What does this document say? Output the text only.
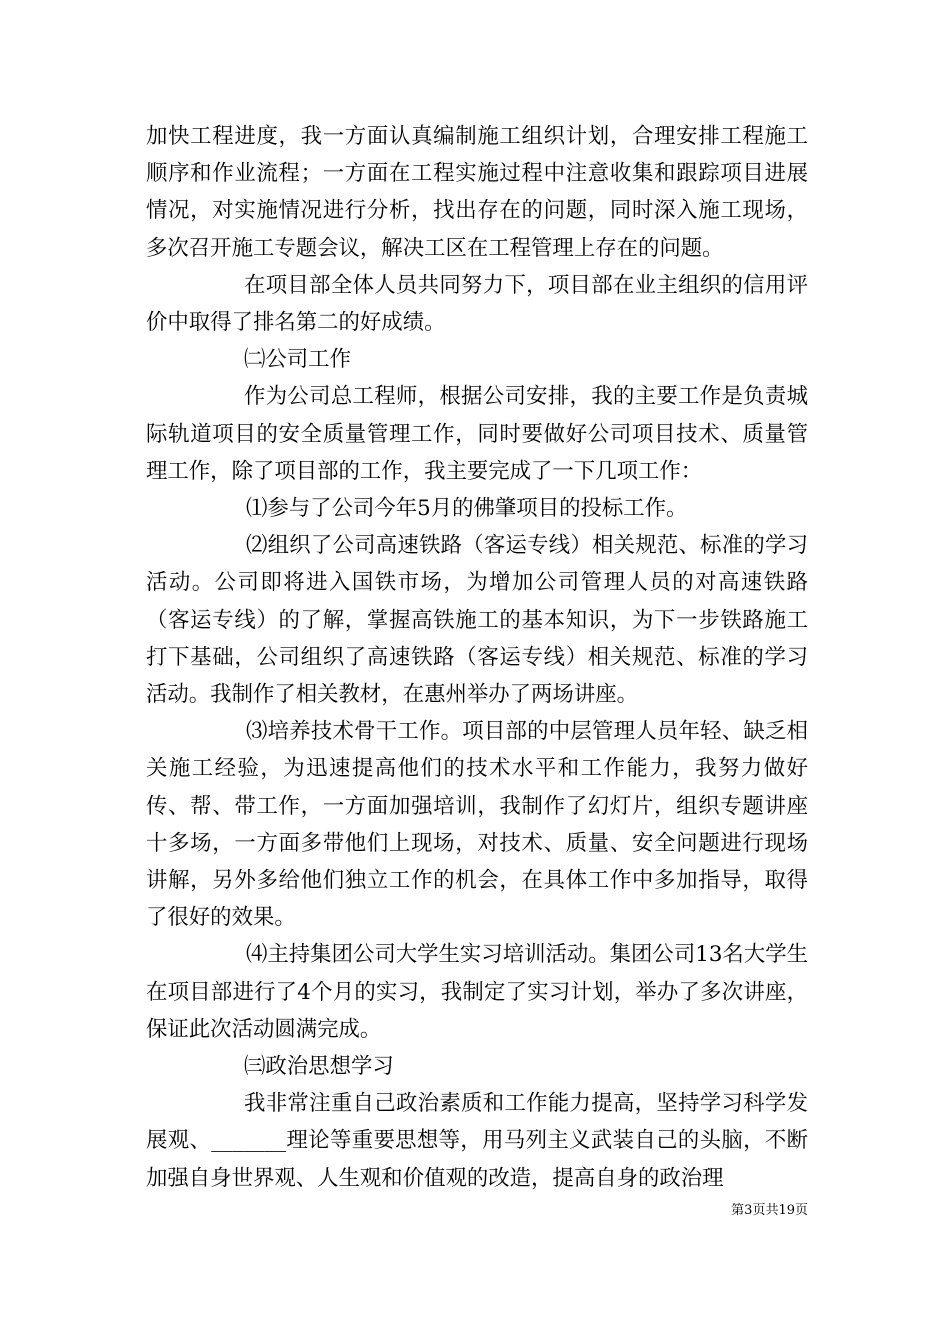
加快工程进度，我一方面认真编制施工组织计划，合理安排工程施工顺序和作业流程；一方面在工程实施过程中注意收集和跟踪项目进展情况，对实施情况进行分析，找出存在的问题，同时深入施工现场，多次召开施工专题会议，解决工区在工程管理上存在的问题。

在项目部全体人员共同努力下，项目部在业主组织的信用评价中取得了排名第二的好成绩。

㈡公司工作

作为公司总工程师，根据公司安排，我的主要工作是负责城际轨道项目的安全质量管理工作，同时要做好公司项目技术、质量管理工作，除了项目部的工作，我主要完成了一下几项工作：

⑴参与了公司今年5月的佛肇项目的投标工作。

⑵组织了公司高速铁路（客运专线）相关规范、标准的学习活动。公司即将进入国铁市场，为增加公司管理人员的对高速铁路（客运专线）的了解，掌握高铁施工的基本知识，为下一步铁路施工打下基础，公司组织了高速铁路（客运专线）相关规范、标准的学习活动。我制作了相关教材，在惠州举办了两场讲座。

⑶培养技术骨干工作。项目部的中层管理人员年轻、缺乏相关施工经验，为迅速提高他们的技术水平和工作能力，我努力做好传、帮、带工作，一方面加强培训，我制作了幻灯片，组织专题讲座十多场，一方面多带他们上现场，对技术、质量、安全问题进行现场讲解，另外多给他们独立工作的机会，在具体工作中多加指导，取得了很好的效果。

⑷主持集团公司大学生实习培训活动。集团公司13名大学生在项目部进行了4个月的实习，我制定了实习计划，举办了多次讲座，保证此次活动圆满完成。

㈢政治思想学习

我非常注重自己政治素质和工作能力提高，坚持学习科学发展观、_______理论等重要思想等，用马列主义武装自己的头脑，不断加强自身世界观、人生观和价值观的改造，提高自身的政治理

第3页共19页
